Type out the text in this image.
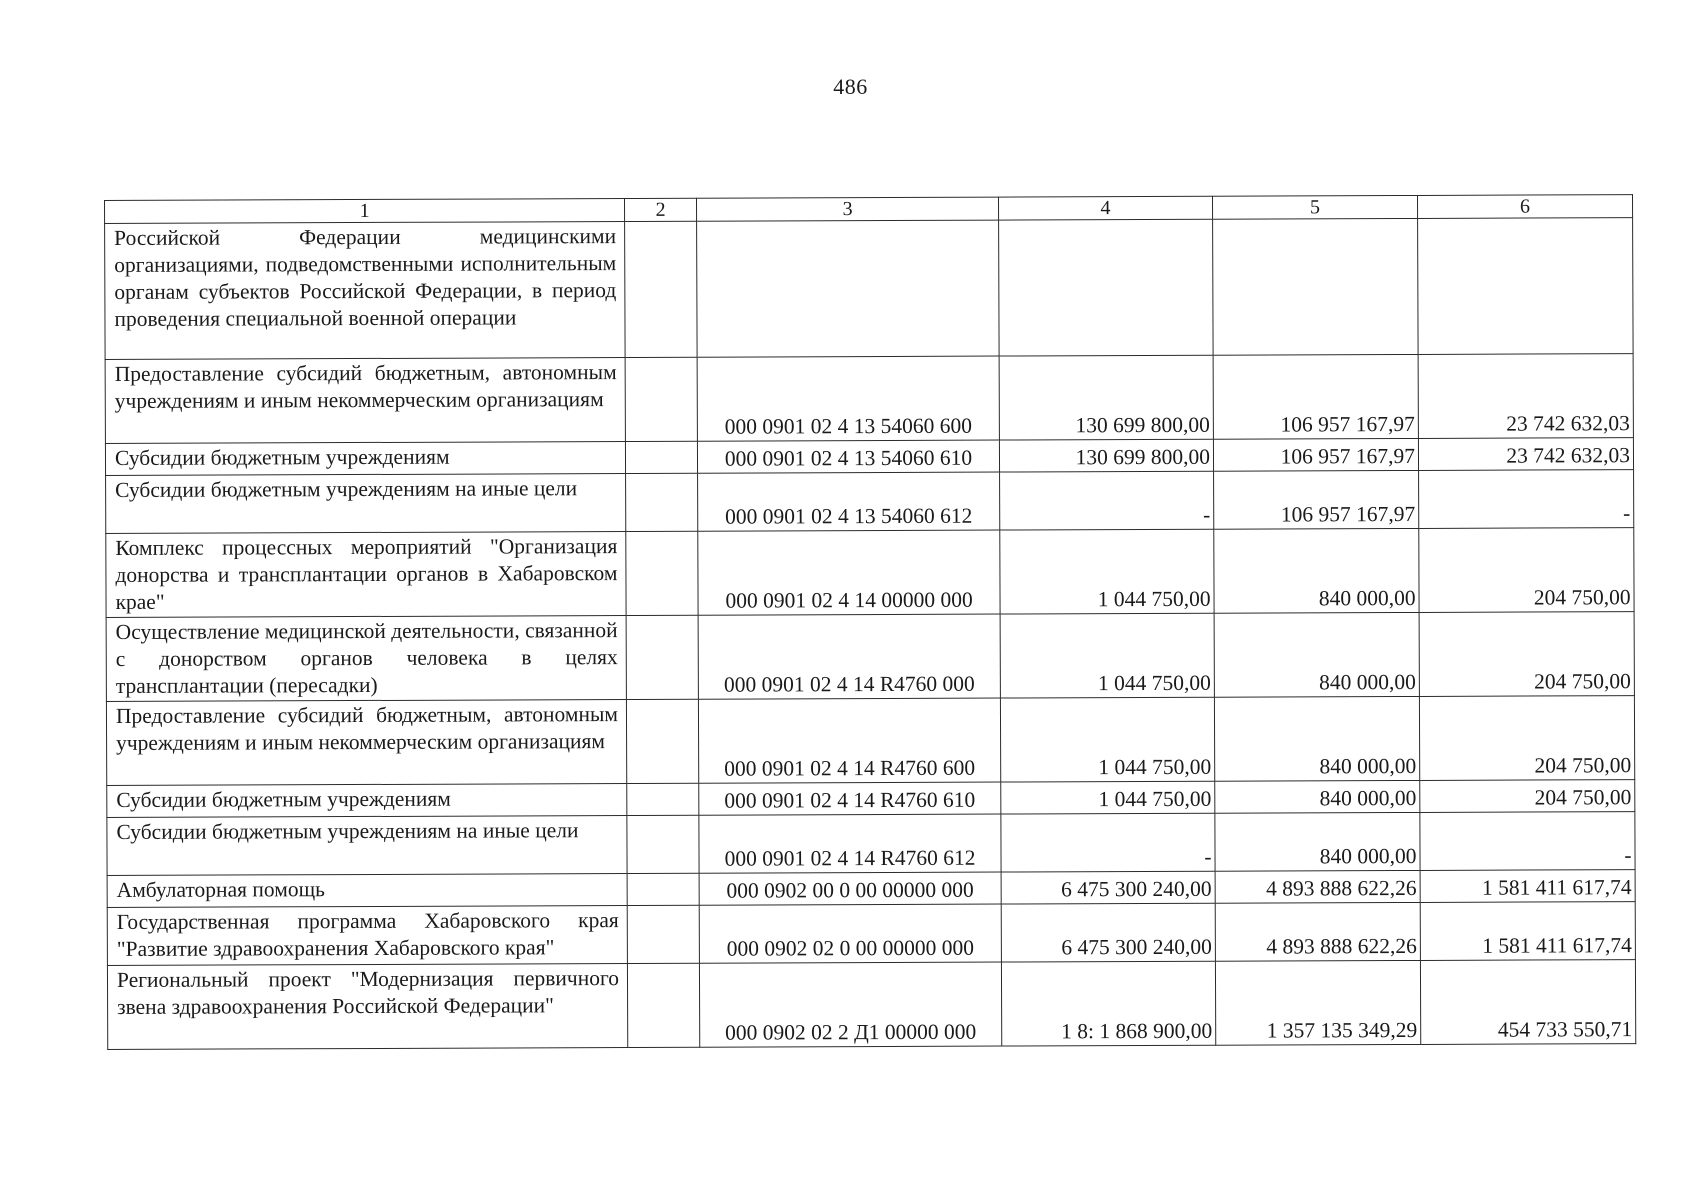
486
1	2	3	4	5	6
Российской Федерации медицинскими организациями, подведомственными исполнительным органам субъектов Российской Федерации, в период проведения специальной военной операции					
Предоставление субсидий бюджетным, автономным учреждениям и иным некоммерческим организациям		000 0901 02 4 13 54060 600	130 699 800,00	106 957 167,97	23 742 632,03
Субсидии бюджетным учреждениям		000 0901 02 4 13 54060 610	130 699 800,00	106 957 167,97	23 742 632,03
Субсидии бюджетным учреждениям на иные цели		000 0901 02 4 13 54060 612	-	106 957 167,97	-
Комплекс процессных мероприятий "Организация донорства и трансплантации органов в Хабаровском крае"		000 0901 02 4 14 00000 000	1 044 750,00	840 000,00	204 750,00
Осуществление медицинской деятельности, связанной с донорством органов человека в целях трансплантации (пересадки)		000 0901 02 4 14 R4760 000	1 044 750,00	840 000,00	204 750,00
Предоставление субсидий бюджетным, автономным учреждениям и иным некоммерческим организациям		000 0901 02 4 14 R4760 600	1 044 750,00	840 000,00	204 750,00
Субсидии бюджетным учреждениям		000 0901 02 4 14 R4760 610	1 044 750,00	840 000,00	204 750,00
Субсидии бюджетным учреждениям на иные цели		000 0901 02 4 14 R4760 612	-	840 000,00	-
Амбулаторная помощь		000 0902 00 0 00 00000 000	6 475 300 240,00	4 893 888 622,26	1 581 411 617,74
Государственная программа Хабаровского края "Развитие здравоохранения Хабаровского края"		000 0902 02 0 00 00000 000	6 475 300 240,00	4 893 888 622,26	1 581 411 617,74
Региональный проект "Модернизация первичного звена здравоохранения Российской Федерации"		000 0902 02 2 Д1 00000 000	1 8: 1 868 900,00	1 357 135 349,29	454 733 550,71
